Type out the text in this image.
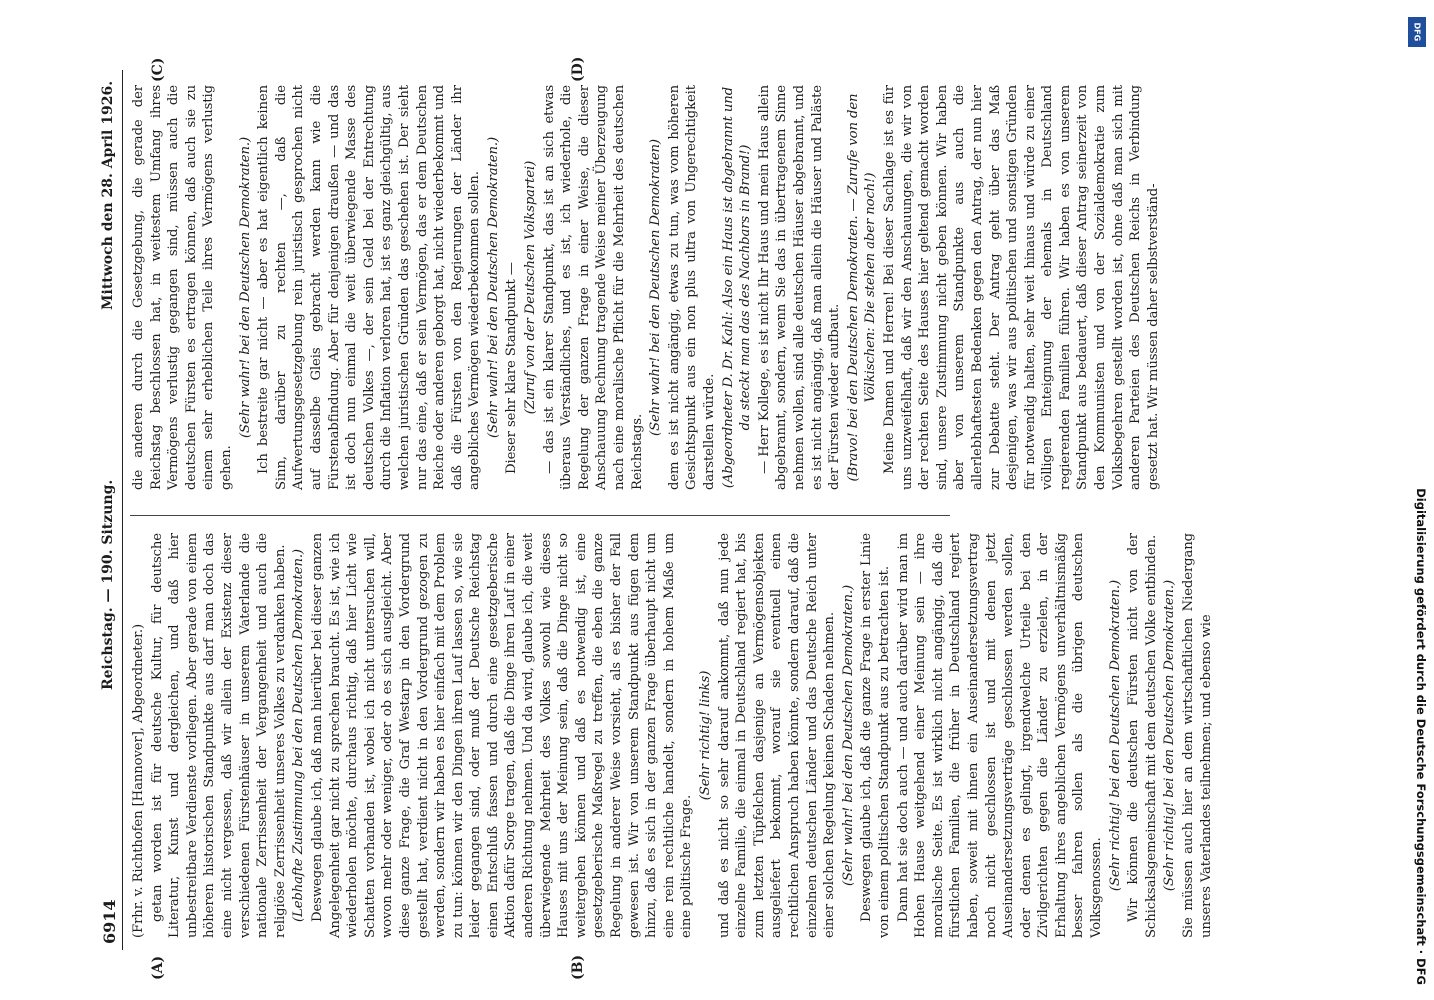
6914
Reichstag. — 190. Sitzung.
Mittwoch den 28. April 1926.
(A)	(B)
(C)	(D)

(Frhr. v. Richthofen [Hannover], Abgeordneter.) getan worden ist für deutsche Kultur, für deutsche Literatur, Kunst und dergleichen, und daß hier unbestreitbare Verdienste vorliegen. Aber gerade von einem höheren historischen Standpunkte aus darf man doch das eine nicht vergessen, daß wir allein der Existenz dieser verschiedenen Fürstenhäuser in unserem Vaterlande die nationale Zerrissenheit der Vergangenheit und auch die religiöse Zerrissenheit unseres Volkes zu verdanken haben. (Lebhafte Zustimmung bei den Deutschen Demokraten.) Deswegen glaube ich, daß man hierüber bei dieser ganzen Angelegenheit gar nicht zu sprechen braucht. Es ist, wie ich wiederholen möchte, durchaus richtig, daß hier Licht wie Schatten vorhanden ist, wobei ich nicht untersuchen will, wovon mehr oder weniger, oder ob es sich ausgleicht. Aber diese ganze Frage, die Graf Westarp in den Vordergrund gestellt hat, verdient nicht in den Vordergrund gezogen zu werden, sondern wir haben es hier einfach mit dem Problem zu tun: können wir den Dingen ihren Lauf lassen so, wie sie leider gegangen sind, oder muß der Deutsche Reichstag einen Entschluß fassen und durch eine gesetzgeberische Aktion dafür Sorge tragen, daß die Dinge ihren Lauf in einer anderen Richtung nehmen. Und da wird, glaube ich, die weit überwiegende Mehrheit des Volkes sowohl wie dieses Hauses mit uns der Meinung sein, daß die Dinge nicht so weitergehen können und daß es notwendig ist, eine gesetzgeberische Maßregel zu treffen, die eben die ganze Regelung in anderer Weise vorsieht, als es bisher der Fall gewesen ist. Wir von unserem Standpunkt aus fügen dem hinzu, daß es sich in der ganzen Frage überhaupt nicht um eine rein rechtliche handelt, sondern in hohem Maße um eine politische Frage.

(Sehr richtig! links) und daß es nicht so sehr darauf ankommt, daß nun jede einzelne Familie, die einmal in Deutschland regiert hat, bis zum letzten Tüpfelchen dasjenige an Vermögensobjekten ausgeliefert bekommt, worauf sie eventuell einen rechtlichen Anspruch haben könnte, sondern darauf, daß die einzelnen deutschen Länder und das Deutsche Reich unter einer solchen Regelung keinen Schaden nehmen. (Sehr wahr! bei den Deutschen Demokraten.) Deswegen glaube ich, daß die ganze Frage in erster Linie von einem politischen Standpunkt aus zu betrachten ist. Dann hat sie doch auch — und auch darüber wird man im Hohen Hause weitgehend einer Meinung sein — ihre moralische Seite. Es ist wirklich nicht angängig, daß die fürstlichen Familien, die früher in Deutschland regiert haben, soweit mit ihnen ein Auseinandersetzungsvertrag noch nicht geschlossen ist und mit denen jetzt Auseinandersetzungsverträge geschlossen werden sollen, oder denen es gelingt, irgendwelche Urteile bei den Zivilgerichten gegen die Länder zu erzielen, in der Erhaltung ihres angeblichen Vermögens unverhältnismäßig besser fahren sollen als die übrigen deutschen Volksgenossen. (Sehr richtig! bei den Deutschen Demokraten.) Wir können die deutschen Fürsten nicht von der Schicksalsgemeinschaft mit dem deutschen Volke entbinden. (Sehr richtig! bei den Deutschen Demokraten.) Sie müssen auch hier an dem wirtschaftlichen Niedergang unseres Vaterlandes teilnehmen; und ebenso wie

die anderen durch die Gesetzgebung, die gerade der Reichstag beschlossen hat, in weitestem Umfang ihres Vermögens verlustig gegangen sind, müssen auch die deutschen Fürsten es ertragen können, daß auch sie zu einem sehr erheblichen Teile ihres Vermögens verlustig gehen.

(Sehr wahr! bei den Deutschen Demokraten.) Ich bestreite gar nicht — aber es hat eigentlich keinen Sinn, darüber zu rechten —, daß die Aufwertungsgesetzgebung rein juristisch gesprochen nicht auf dasselbe Gleis gebracht werden kann wie die Fürstenabfindung. Aber für denjenigen draußen — und das ist doch nun einmal die weit überwiegende Masse des deutschen Volkes —, der sein Geld bei der Entrechtung durch die Inflation verloren hat, ist es ganz gleichgültig, aus welchen juristischen Gründen das geschehen ist. Der sieht nur das eine, daß er sein Vermögen, das er dem Deutschen Reiche oder anderen geborgt hat, nicht wiederbekommt und daß die Fürsten von den Regierungen der Länder ihr angebliches Vermögen wiederbekommen sollen. (Sehr wahr! bei den Deutschen Demokraten.) Dieser sehr klare Standpunkt — (Zuruf von der Deutschen Volkspartei) — das ist ein klarer Standpunkt, das ist an sich etwas überaus Verständliches, und es ist, ich wiederhole, die Regelung der ganzen Frage in einer Weise, die dieser Anschauung Rechnung tragende Weise meiner Überzeugung nach eine moralische Pflicht für die Mehrheit des deutschen Reichstags.

(Sehr wahr! bei den Deutschen Demokraten) dem es ist nicht angängig, etwas zu tun, was vom höheren Gesichtspunkt aus ein non plus ultra von Ungerechtigkeit darstellen würde. (Abgeordneter D. Dr. Kahl: Also ein Haus ist abgebrannt und da steckt man das des Nachbars in Brand!) — Herr Kollege, es ist nicht Ihr Haus und mein Haus allein abgebrannt, sondern, wenn Sie das in übertragenem Sinne nehmen wollen, sind alle deutschen Häuser abgebrannt, und es ist nicht angängig, daß man allein die Häuser und Paläste der Fürsten wieder aufbaut. (Bravo! bei den Deutschen Demokraten. — Zurufe von den Völkischen: Die stehen aber noch!) Meine Damen und Herren! Bei dieser Sachlage ist es für uns unzweifelhaft, daß wir den Anschauungen, die wir von der rechten Seite des Hauses hier geltend gemacht worden sind, unsere Zustimmung nicht geben können. Wir haben aber von unserem Standpunkte aus auch die allerlebhaftesten Bedenken gegen den Antrag, der nun hier zur Debatte steht. Der Antrag geht über das Maß desjenigen, was wir aus politischen und sonstigen Gründen für notwendig halten, sehr weit hinaus und würde zu einer völligen Enteignung der ehemals in Deutschland regierenden Familien führen. Wir haben es von unserem Standpunkt aus bedauert, daß dieser Antrag seinerzeit von den Kommunisten und von der Sozialdemokratie zum Volksbegehren gestellt worden ist, ohne daß man sich mit anderen Parteien des Deutschen Reichs in Verbindung gesetzt hat. Wir müssen daher selbstverständ-

DFG
Digitalisierung gefördert durch die Deutsche Forschungsgemeinschaft · DFG
